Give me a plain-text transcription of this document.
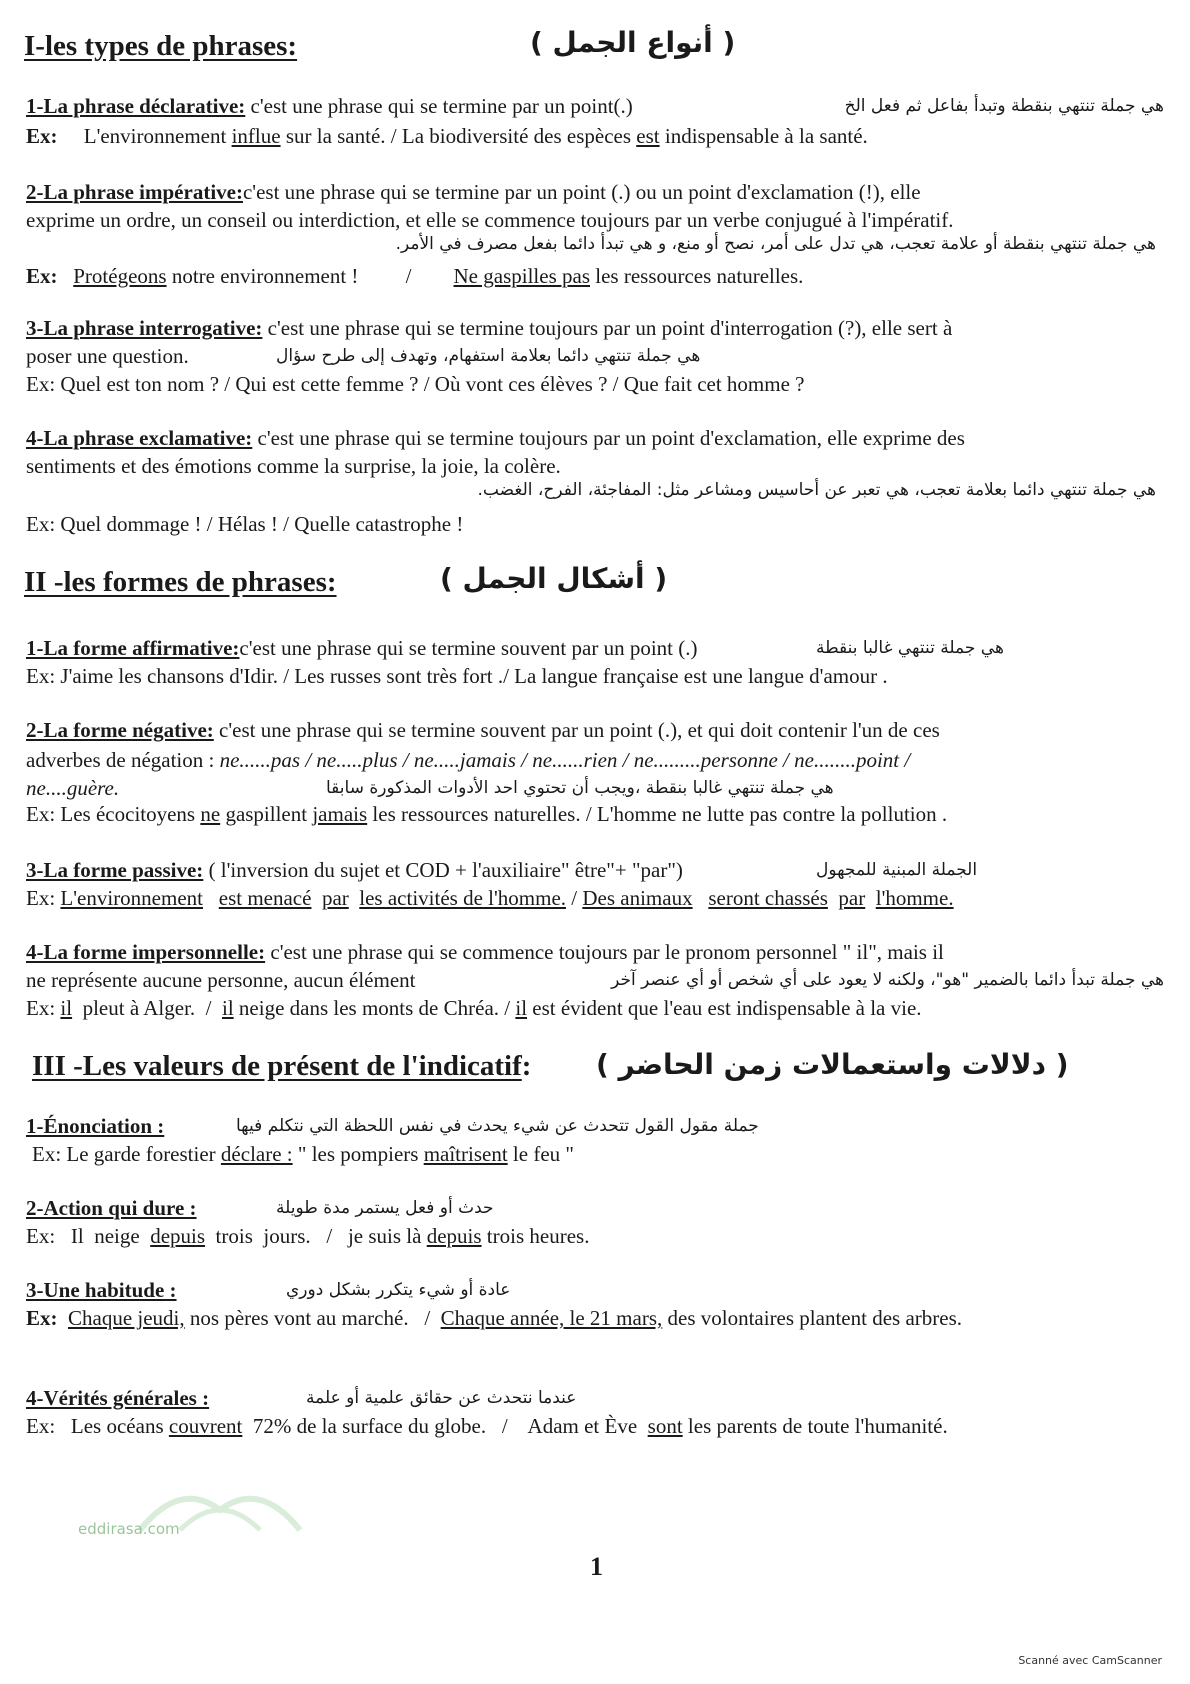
I-les types de phrases:	( أنواع الجمل )
1-La phrase déclarative: c'est une phrase qui se termine par un point(.)	هي جملة تنتهي بنقطة وتبدأ بفاعل ثم فعل الخ
Ex: L'environnement influe sur la santé. / La biodiversité des espèces est indispensable à la santé.
2-La phrase impérative:c'est une phrase qui se termine par un point (.) ou un point d'exclamation (!), elle
exprime un ordre, un conseil ou interdiction, et elle se commence toujours par un verbe conjugué à l'impératif.
هي جملة تنتهي بنقطة أو علامة تعجب، هي تدل على أمر، نصح أو منع، و هي تبدأ دائما بفعل مصرف في الأمر.
Ex: Protégeons notre environnement !         /        Ne gaspilles pas les ressources naturelles.
3-La phrase interrogative: c'est une phrase qui se termine toujours par un point d'interrogation (?), elle sert à
poser une question.	هي جملة تنتهي دائما بعلامة استفهام، وتهدف إلى طرح سؤال
Ex: Quel est ton nom ? / Qui est cette femme ? / Où vont ces élèves ? / Que fait cet homme ?
4-La phrase exclamative: c'est une phrase qui se termine toujours par un point d'exclamation, elle exprime des
sentiments et des émotions comme la surprise, la joie, la colère.
هي جملة تنتهي دائما بعلامة تعجب، هي تعبر عن أحاسيس ومشاعر مثل: المفاجئة، الفرح، الغضب.
Ex: Quel dommage ! / Hélas ! / Quelle catastrophe !
II -les formes de phrases:	( أشكال الجمل )
1-La forme affirmative:c'est une phrase qui se termine souvent par un point (.)	هي جملة تنتهي غالبا بنقطة
Ex: J'aime les chansons d'Idir. / Les russes sont très fort ./ La langue française est une langue d'amour .
2-La forme négative: c'est une phrase qui se termine souvent par un point (.), et qui doit contenir l'un de ces
adverbes de négation : ne......pas / ne.....plus / ne.....jamais / ne......rien / ne.........personne / ne........point /
ne....guère.	هي جملة تنتهي غالبا بنقطة ،ويجب أن تحتوي احد الأدوات المذكورة سابقا
Ex: Les écocitoyens ne gaspillent jamais les ressources naturelles. / L'homme ne lutte pas contre la pollution .
3-La forme passive: ( l'inversion du sujet et COD + l'auxiliaire" être"+ "par")	الجملة المبنية للمجهول
Ex: L'environnement est menacé par les activités de l'homme. / Des animaux seront chassés par l'homme.
4-La forme impersonnelle: c'est une phrase qui se commence toujours par le pronom personnel " il", mais il
ne représente aucune personne, aucun élément	هي جملة تبدأ دائما بالضمير "هو"، ولكنه لا يعود على أي شخص أو أي عنصر آخر
Ex: il  pleut à Alger.  /  il neige dans les monts de Chréa. / il est évident que l'eau est indispensable à la vie.
III -Les valeurs de présent de l'indicatif: ( دلالات واستعمالات زمن الحاضر )
1-Énonciation :	جملة مقول القول تتحدث عن شيء يحدث في نفس اللحظة التي نتكلم فيها
Ex: Le garde forestier déclare : " les pompiers maîtrisent le feu "
2-Action qui dure :	حدث أو فعل يستمر مدة طويلة
Ex:   Il  neige  depuis  trois  jours.   /   je suis là depuis trois heures.
3-Une habitude :	عادة أو شيء يتكرر بشكل دوري
Ex:  Chaque jeudi, nos pères vont au marché.   /  Chaque année, le 21 mars, des volontaires plantent des arbres.
4-Vérités générales :	عندما نتحدث عن حقائق علمية أو علمة
Ex:   Les océans couvrent  72% de la surface du globe.   /    Adam et Ève  sont les parents de toute l'humanité.
eddirasa.com
1
Scanné avec CamScanner
